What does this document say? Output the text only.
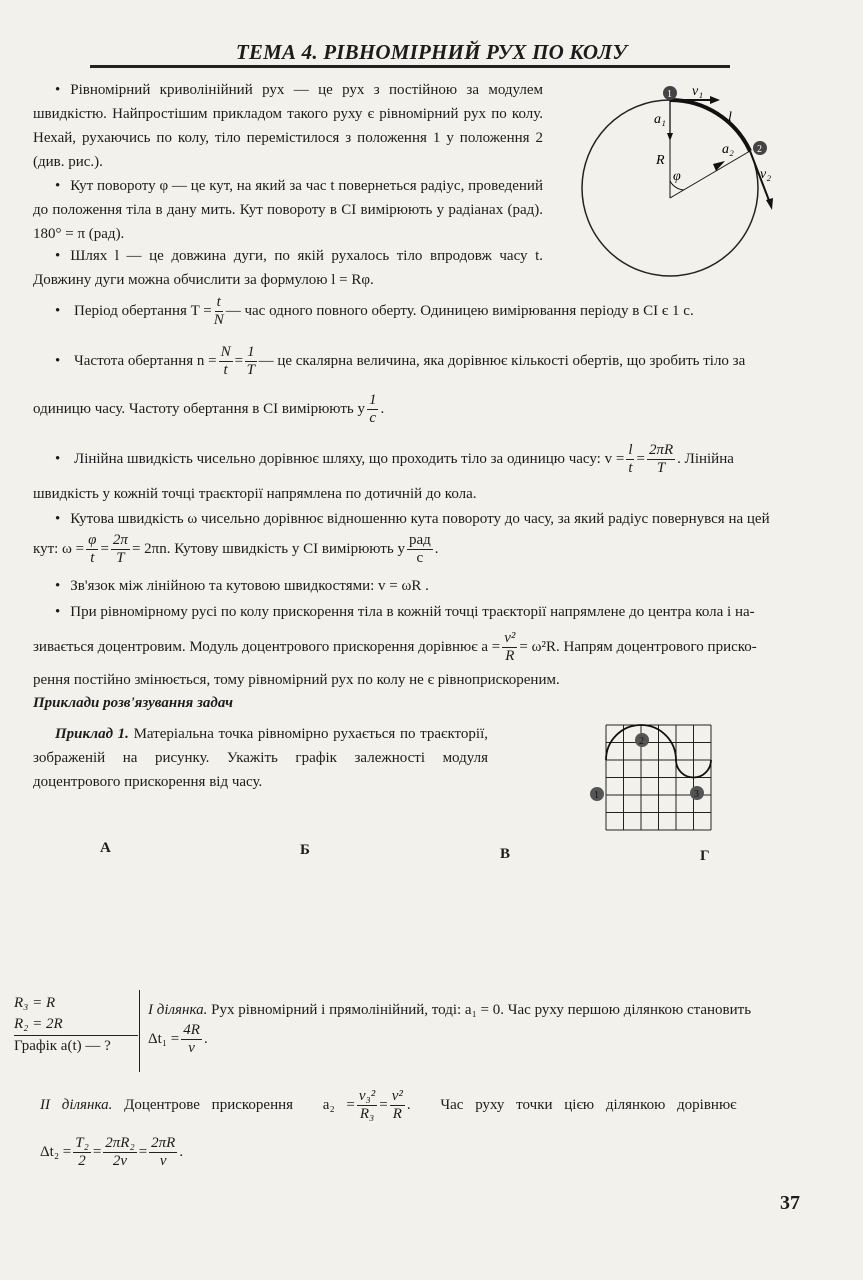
ТЕМА 4. РІВНОМІРНИЙ РУХ ПО КОЛУ
• Рівномірний криволінійний рух — це рух з постійною за модулем швидкістю. Найпростішим прикладом такого руху є рівномірний рух по колу. Нехай, рухаючись по колу, тіло перемістилося з положення 1 у положення 2 (див. рис.).
• Кут повороту φ — це кут, на який за час t повернеться радіус, проведений до положення тіла в дану мить. Кут повороту в СІ вимірюють у радіанах (рад). 180° = π (рад).
• Шлях l — це довжина дуги, по якій рухалось тіло впродовж часу t. Довжину дуги можна обчислити за формулою l = Rφ.
1
2
v₁
a₁	l
a₂
R
φ	v₂
• Період обертання $T = \frac{t}{N}$ — час одного повного оберту. Одиницею вимірювання періоду в СІ є 1 с.
• Частота обертання $n = \frac{N}{t} = \frac{1}{T}$ — це скалярна величина, яка дорівнює кількості обертів, що зробить тіло за
одиницю часу. Частоту обертання в СІ вимірюють у $\frac{1}{с}$ .
• Лінійна швидкість чисельно дорівнює шляху, що проходить тіло за одиницю часу: $v = \frac{l}{t} = \frac{2\pi R}{T}$ . Лінійна
швидкість у кожній точці траєкторії напрямлена по дотичній до кола.
• Кутова швидкість ω чисельно дорівнює відношенню кута повороту до часу, за який радіус повернувся на цей
кут: $\omega = \frac{\varphi}{t} = \frac{2\pi}{T} = 2\pi n$. Кутову швидкість у СІ вимірюють у $\frac{\text{рад}}{с}$ .
• Зв'язок між лінійною та кутовою швидкостями: v = ωR .
• При рівномірному русі по колу прискорення тіла в кожній точці траєкторії напрямлене до центра кола і на-
зивається доцентровим. Модуль доцентрового прискорення дорівнює $a = \frac{\text{v²}}{R} = \omega^2R$. Напрям доцентрового приско-
рення постійно змінюється, тому рівномірний рух по колу не є рівноприскореним.
Приклади розв'язування задач
Приклад 1. Матеріальна точка рівномірно рухається по траєкторії, зображеній на рисунку. Укажіть графік залежності модуля доцентрового прискорення від часу.
1
2
3
А	Б	В	Г
R₃ = R
R₂ = 2R
Графік a(t) — ?
I ділянка. Рух рівномірний і прямолінійний, тоді: a₁ = 0. Час руху першою ділянкою становить
$\Delta t_1 = \frac{4R}{v}$ .
II ділянка. Доцентрове прискорення $a_2 = \frac{\text{v₃²}}{\text{R₃}} = \frac{\text{v²}}{R}$ . Час руху точки цією ділянкою дорівнює
$\Delta t_2 = \frac{\text{T₂}}{2} = \frac{\text{2πR₂}}{2v} = \frac{2\pi R}{v}$ .
37
